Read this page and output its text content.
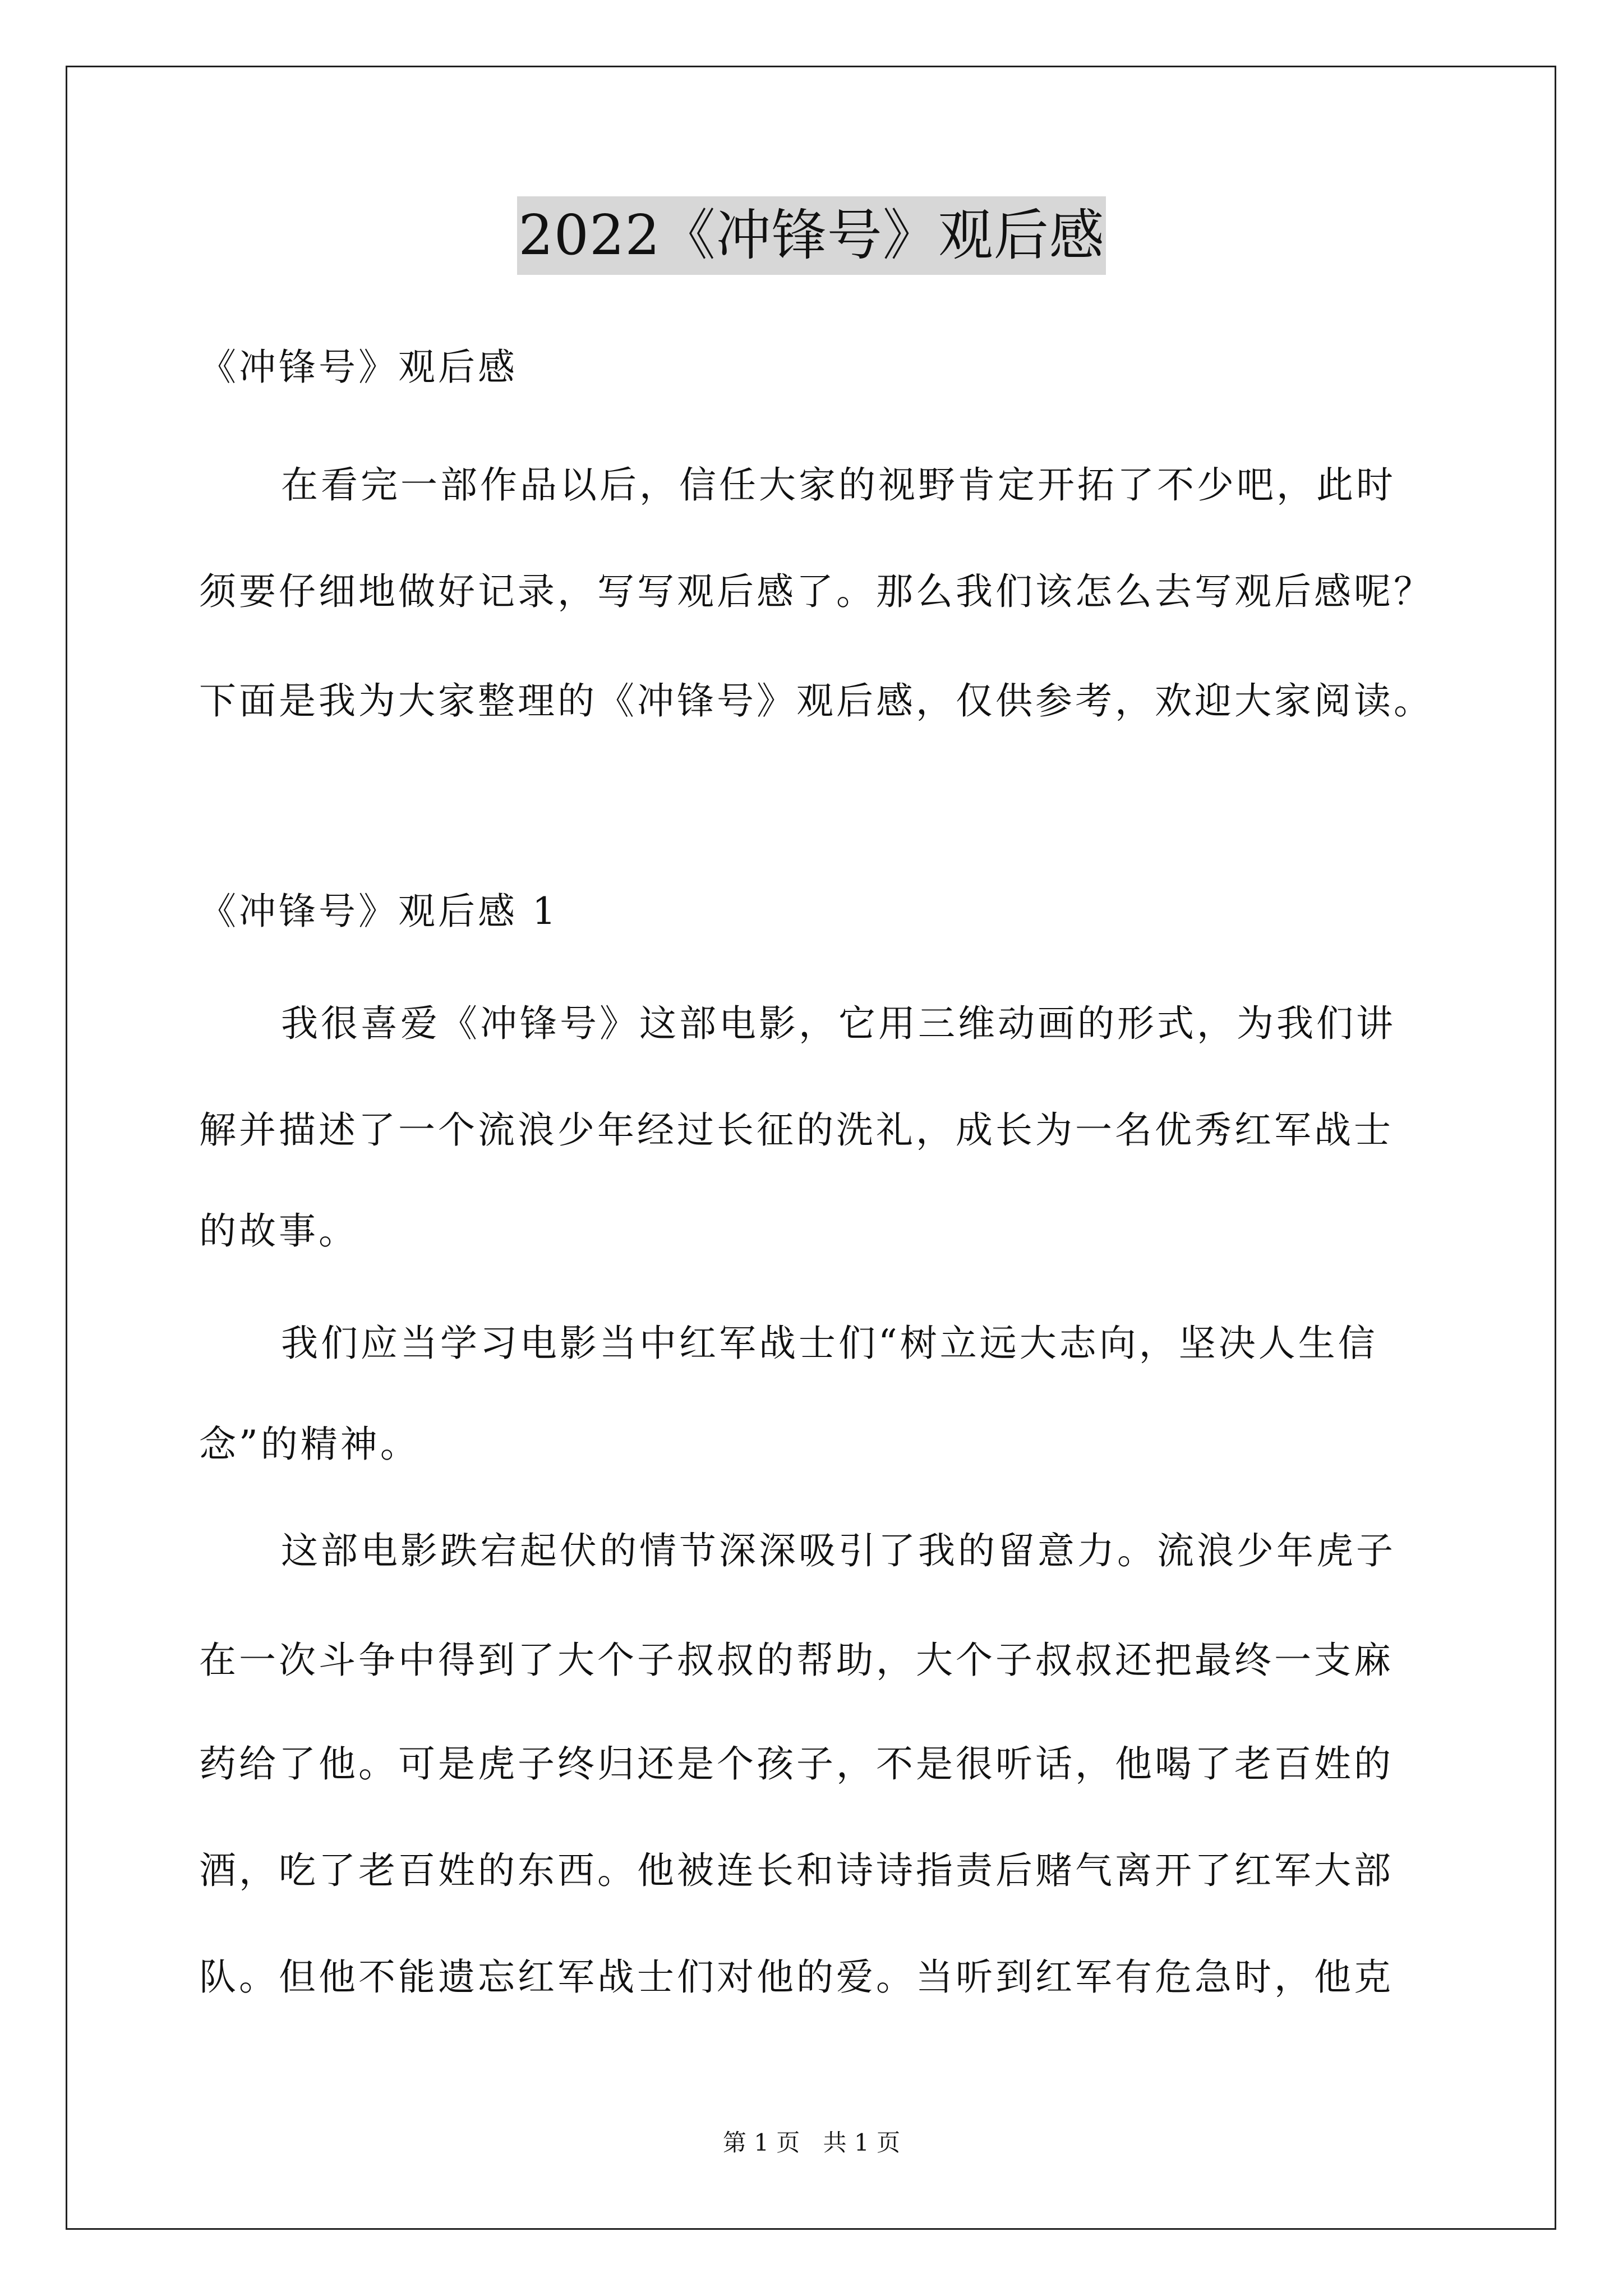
2022《冲锋号》观后感
《冲锋号》观后感
在看完一部作品以后，信任大家的视野肯定开拓了不少吧，此时
须要仔细地做好记录，写写观后感了。那么我们该怎么去写观后感呢？
下面是我为大家整理的《冲锋号》观后感，仅供参考，欢迎大家阅读。
《冲锋号》观后感 1
我很喜爱《冲锋号》这部电影，它用三维动画的形式，为我们讲
解并描述了一个流浪少年经过长征的洗礼，成长为一名优秀红军战士
的故事。
我们应当学习电影当中红军战士们“树立远大志向，坚决人生信
念”的精神。
这部电影跌宕起伏的情节深深吸引了我的留意力。流浪少年虎子
在一次斗争中得到了大个子叔叔的帮助，大个子叔叔还把最终一支麻
药给了他。可是虎子终归还是个孩子，不是很听话，他喝了老百姓的
酒，吃了老百姓的东西。他被连长和诗诗指责后赌气离开了红军大部
队。但他不能遗忘红军战士们对他的爱。当听到红军有危急时，他克
第 1 页 共 1 页
